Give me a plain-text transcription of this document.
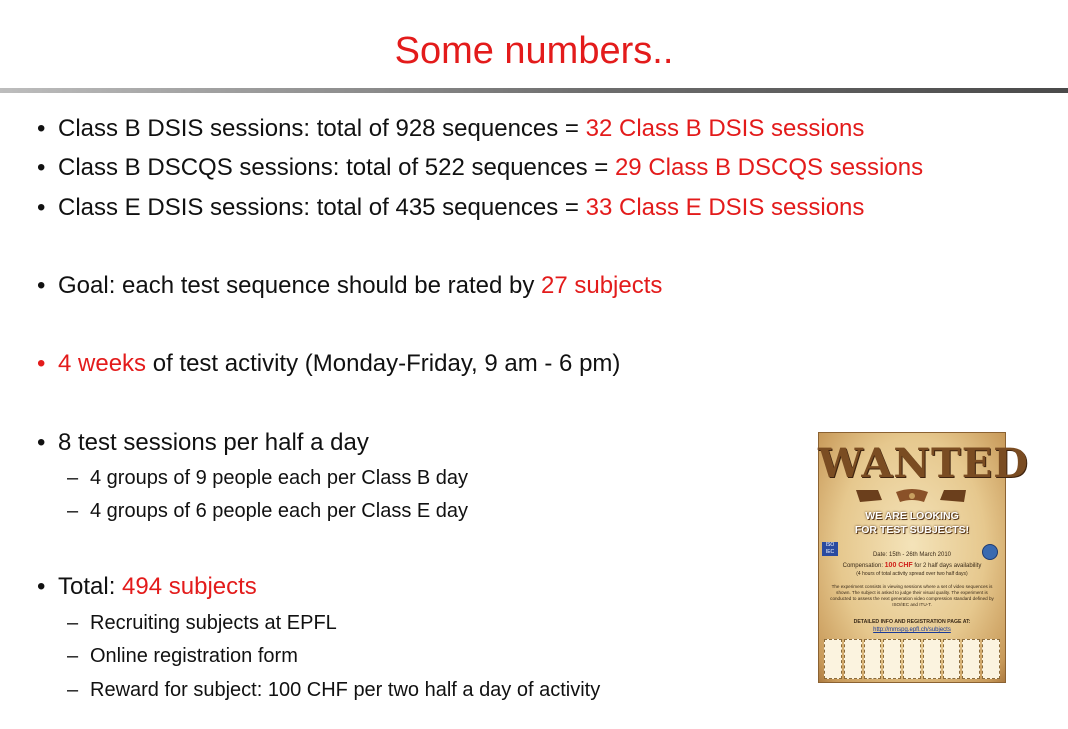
Some numbers..
• Class B DSIS sessions: total of 928 sequences = 32 Class B DSIS sessions
• Class B DSCQS sessions: total of 522 sequences = 29 Class B DSCQS sessions
• Class E DSIS sessions: total of 435 sequences = 33 Class E DSIS sessions
• Goal: each test sequence should be rated by 27 subjects
• 4 weeks of test activity (Monday-Friday, 9 am - 6 pm)
• 8 test sessions per half a day
– 4 groups of 9 people each per Class B day
– 4 groups of 6 people each per Class E day
• Total: 494 subjects
– Recruiting subjects at EPFL
– Online registration form
– Reward for subject: 100 CHF per two half a day of activity
WANTED
WE ARE LOOKING
FOR TEST SUBJECTS!
ISO IEC	Date: 15th - 26th March 2010
Compensation: 100 CHF for 2 half days availability
(4 hours of total activity spread over two half days)
The experiment consists in viewing sessions where a set of video sequences is shown. The subject is asked to judge their visual quality. The experiment is conducted to assess the next generation video compression standard defined by ISO/IEC and ITU-T.
DETAILED INFO AND REGISTRATION PAGE AT:
http://mmspg.epfl.ch/subjects
